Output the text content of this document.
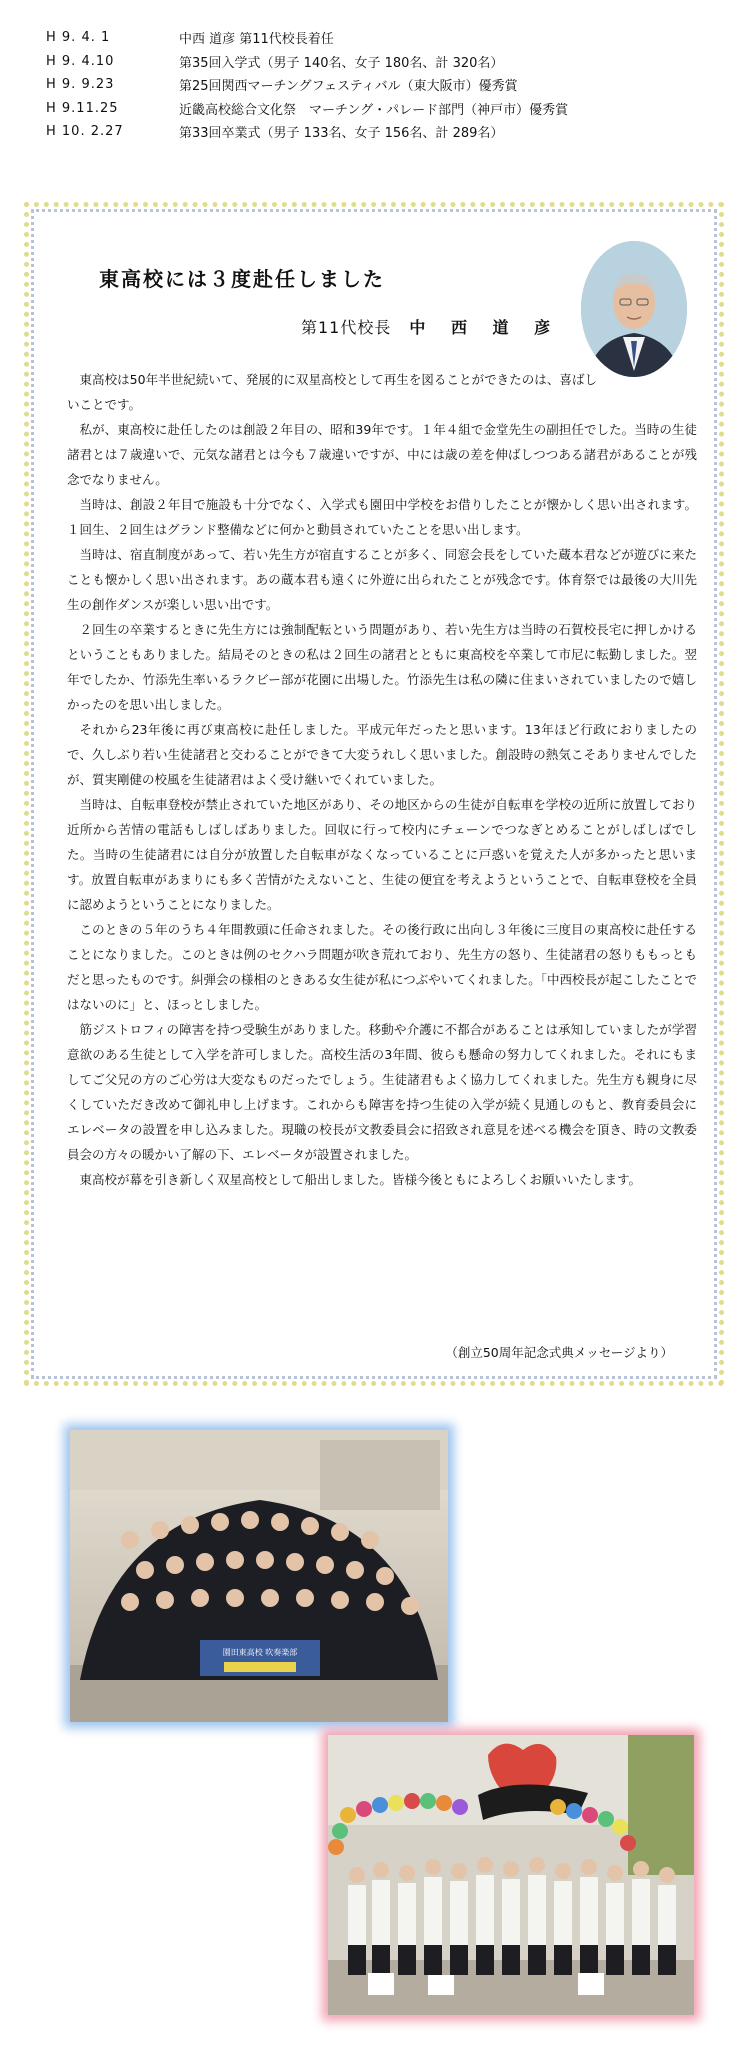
H 9. 4. 1	中西 道彦 第11代校長着任
H 9. 4.10	第35回入学式（男子 140名、女子 180名、計 320名）
H 9. 9.23	第25回関西マーチングフェスティバル（東大阪市）優秀賞
H 9.11.25	近畿高校総合文化祭　マーチング・パレード部門（神戸市）優秀賞
H 10. 2.27	第33回卒業式（男子 133名、女子 156名、計 289名）
東高校には３度赴任しました
第11代校長 中 西 道 彦

東高校は50年半世紀続いて、発展的に双星高校として再生を図ることができたのは、喜ばしいことです。

私が、東高校に赴任したのは創設２年目の、昭和39年です。１年４組で金堂先生の副担任でした。当時の生徒諸君とは７歳違いで、元気な諸君とは今も７歳違いですが、中には歳の差を伸ばしつつある諸君があることが残念でなりません。

当時は、創設２年目で施設も十分でなく、入学式も園田中学校をお借りしたことが懐かしく思い出されます。１回生、２回生はグランド整備などに何かと動員されていたことを思い出します。

当時は、宿直制度があって、若い先生方が宿直することが多く、同窓会長をしていた蔵本君などが遊びに来たことも懐かしく思い出されます。あの蔵本君も遠くに外遊に出られたことが残念です。体育祭では最後の大川先生の創作ダンスが楽しい思い出です。

２回生の卒業するときに先生方には強制配転という問題があり、若い先生方は当時の石賀校長宅に押しかけるということもありました。結局そのときの私は２回生の諸君とともに東高校を卒業して市尼に転勤しました。翌年でしたか、竹添先生率いるラクビー部が花園に出場した。竹添先生は私の隣に住まいされていましたので嬉しかったのを思い出しました。

それから23年後に再び東高校に赴任しました。平成元年だったと思います。13年ほど行政におりましたので、久しぶり若い生徒諸君と交わることができて大変うれしく思いました。創設時の熱気こそありませんでしたが、質実剛健の校風を生徒諸君はよく受け継いでくれていました。

当時は、自転車登校が禁止されていた地区があり、その地区からの生徒が自転車を学校の近所に放置しており近所から苦情の電話もしばしばありました。回収に行って校内にチェーンでつなぎとめることがしばしばでした。当時の生徒諸君には自分が放置した自転車がなくなっていることに戸惑いを覚えた人が多かったと思います。放置自転車があまりにも多く苦情がたえないこと、生徒の便宜を考えようということで、自転車登校を全員に認めようということになりました。

このときの５年のうち４年間教頭に任命されました。その後行政に出向し３年後に三度目の東高校に赴任することになりました。このときは例のセクハラ問題が吹き荒れており、先生方の怒り、生徒諸君の怒りももっともだと思ったものです。糾弾会の様相のときある女生徒が私につぶやいてくれました。「中西校長が起こしたことではないのに」と、ほっとしました。

筋ジストロフィの障害を持つ受験生がありました。移動や介護に不都合があることは承知していましたが学習意欲のある生徒として入学を許可しました。高校生活の3年間、彼らも懸命の努力してくれました。それにもましてご父兄の方のご心労は大変なものだったでしょう。生徒諸君もよく協力してくれました。先生方も親身に尽くしていただき改めて御礼申し上げます。これからも障害を持つ生徒の入学が続く見通しのもと、教育委員会にエレベータの設置を申し込みました。現職の校長が文教委員会に招致され意見を述べる機会を頂き、時の文教委員会の方々の暖かい了解の下、エレベータが設置されました。

東高校が幕を引き新しく双星高校として船出しました。皆様今後ともによろしくお願いいたします。

（創立50周年記念式典メッセージより）
園田東高校 吹奏楽部
